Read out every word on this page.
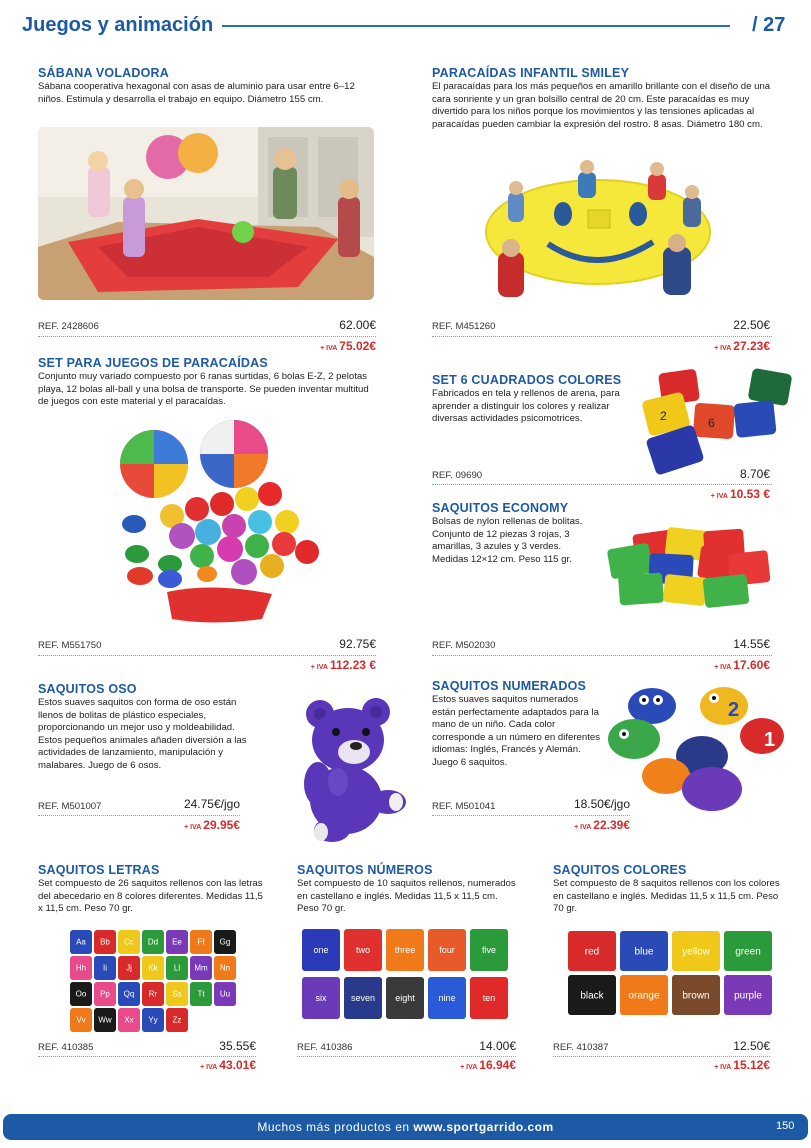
Juegos y animación	/ 27
SÁBANA VOLADORA
Sábana cooperativa hexagonal con asas de aluminio para usar entre 6–12 niños. Estimula y desarrolla el trabajo en equipo. Diámetro 155 cm.
REF. 2428606	62.00€
+ IVA 75.02€
PARACAÍDAS INFANTIL SMILEY
El paracaídas para los más pequeños en amarillo brillante con el diseño de una cara sonriente y un gran bolsillo central de 20 cm. Este paracaídas es muy divertido para los niños porque los movimientos y las tensiones aplicadas al paracaídas pueden cambiar la expresión del rostro. 8 asas. Diámetro 180 cm.
REF. M451260	22.50€
+ IVA 27.23€
SET PARA JUEGOS DE PARACAÍDAS
Conjunto muy variado compuesto por 6 ranas surtidas, 6 bolas E-Z, 2 pelotas playa, 12 bolas all-ball y una bolsa de transporte. Se pueden inventar multitud de juegos con este material y el paracaídas.
REF. M551750	92.75€
+ IVA 112.23 €
SET 6 CUADRADOS COLORES
Fabricados en tela y rellenos de arena, para aprender a distinguir los colores y realizar diversas actividades psicomotrices.	6
2
REF. 09690	8.70€
+ IVA 10.53 €
SAQUITOS ECONOMY
Bolsas de nylon rellenas de bolitas. Conjunto de 12 piezas 3 rojas, 3 amarillas, 3 azules y 3 verdes. Medidas 12×12 cm. Peso 115 gr.
REF. M502030	14.55€
+ IVA 17.60€
SAQUITOS OSO
Estos suaves saquitos con forma de oso están llenos de bolitas de plástico especiales, proporcionando un mejor uso y moldeabilidad. Estos pequeños animales añaden diversión a las actividades de lanzamiento, manipulación y malabares. Juego de 6 osos.
REF. M501007	24.75€/jgo
+ IVA 29.95€
SAQUITOS NUMERADOS
Estos suaves saquitos numerados están perfectamente adaptados para la mano de un niño. Cada color corresponde a un número en diferentes idiomas: Inglés, Francés y Alemán. Juego 6 saquitos.
2
1
REF. M501041	18.50€/jgo
+ IVA 22.39€
SAQUITOS LETRAS
Set compuesto de 26 saquitos rellenos con las letras del abecedario en 8 colores diferentes. Medidas 11,5 x 11,5 cm. Peso 70 gr.
Aa Bb Cc Dd Ee Ff Gg
Hh Ii Jj Kk Ll Mm Nn
Oo Pp Qq Rr Ss Tt Uu
Vv Ww Xx Yy Zz
REF. 410385	35.55€
+ IVA 43.01€
SAQUITOS NÚMEROS
Set compuesto de 10 saquitos rellenos, numerados en castellano e inglés. Medidas 11,5 x 11,5 cm. Peso 70 gr.
one	two	three	four	five
six	seven eight	nine	ten
REF. 410386	14.00€
+ IVA 16.94€
SAQUITOS COLORES
Set compuesto de 8 saquitos rellenos con los colores en castellano e inglés. Medidas 11,5 x 11,5 cm. Peso 70 gr.
red	blue	yellow	green
black orange brown purple
REF. 410387	12.50€
+ IVA 15.12€
Muchos más productos en www.sportgarrido.com	150
